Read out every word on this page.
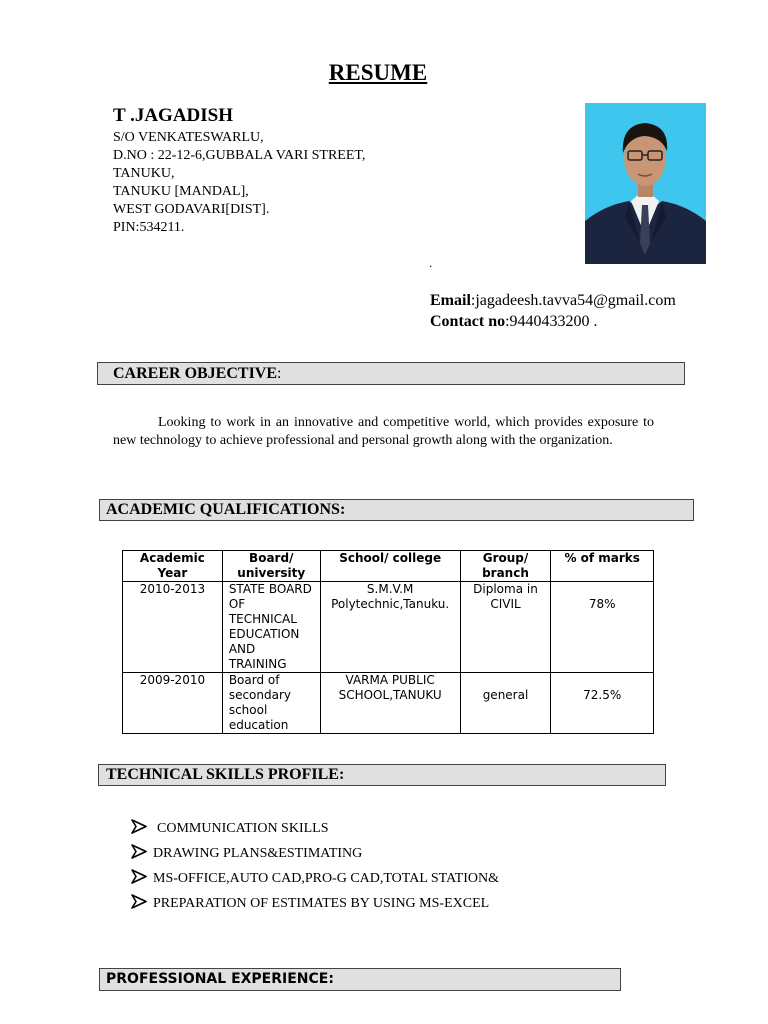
RESUME
T .JAGADISH
S/O VENKATESWARLU,
D.NO : 22-12-6,GUBBALA VARI STREET,
TANUKU,
TANUKU [MANDAL],
WEST GODAVARI[DIST].
PIN:534211.
.
Email:jagadeesh.tavva54@gmail.com
Contact no:9440433200 .
CAREER OBJECTIVE:
Looking to work in an innovative and competitive world, which provides exposure to new technology to achieve professional and personal growth along with the organization.
ACADEMIC QUALIFICATIONS:
Academic Year	Board/ university	School/ college	Group/ branch	% of marks
2010-2013	STATE BOARD OF TECHNICAL EDUCATION AND TRAINING	S.M.V.M Polytechnic,Tanuku.	Diploma in CIVIL	78%
2009-2010	Board of secondary school education	VARMA PUBLIC SCHOOL,TANUKU	general	72.5%
TECHNICAL SKILLS PROFILE:
COMMUNICATION SKILLS
DRAWING PLANS&ESTIMATING
MS-OFFICE,AUTO CAD,PRO-G CAD,TOTAL STATION&
PREPARATION OF ESTIMATES BY USING MS-EXCEL
PROFESSIONAL EXPERIENCE:
